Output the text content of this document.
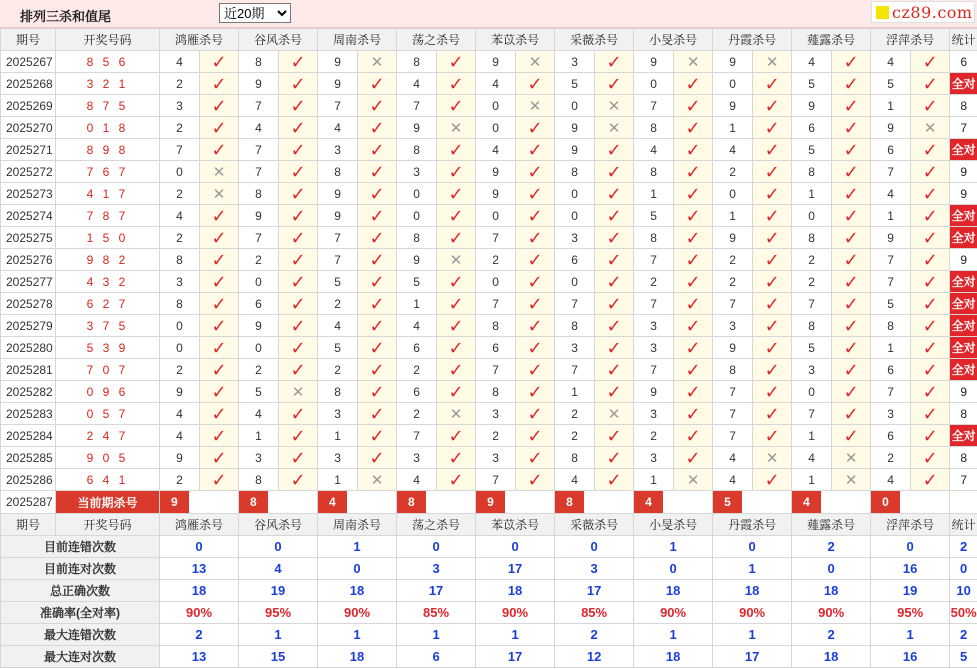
排列三杀和值尾
近20期	cz89.com
期号	开奖号码	鸿雁杀号		谷风杀号		周南杀号		荡之杀号		苯苡杀号		采薇杀号		小旻杀号		丹霞杀号		薤露杀号		浮萍杀号		统计
2025267	8 5 6	4	✓	8	✓	9	✕	8	✓	9	✕	3	✓	9	✕	9	✕	4	✓	4	✓	6
2025268	3 2 1	2	✓	9	✓	9	✓	4	✓	4	✓	5	✓	0	✓	0	✓	5	✓	5	✓	全对
2025269	8 7 5	3	✓	7	✓	7	✓	7	✓	0	✕	0	✕	7	✓	9	✓	9	✓	1	✓	8
2025270	0 1 8	2	✓	4	✓	4	✓	9	✕	0	✓	9	✕	8	✓	1	✓	6	✓	9	✕	7
2025271	8 9 8	7	✓	7	✓	3	✓	8	✓	4	✓	9	✓	4	✓	4	✓	5	✓	6	✓	全对
2025272	7 6 7	0	✕	7	✓	8	✓	3	✓	9	✓	8	✓	8	✓	2	✓	8	✓	7	✓	9
2025273	4 1 7	2	✕	8	✓	9	✓	0	✓	9	✓	0	✓	1	✓	0	✓	1	✓	4	✓	9
2025274	7 8 7	4	✓	9	✓	9	✓	0	✓	0	✓	0	✓	5	✓	1	✓	0	✓	1	✓	全对
2025275	1 5 0	2	✓	7	✓	7	✓	8	✓	7	✓	3	✓	8	✓	9	✓	8	✓	9	✓	全对
2025276	9 8 2	8	✓	2	✓	7	✓	9	✕	2	✓	6	✓	7	✓	2	✓	2	✓	7	✓	9
2025277	4 3 2	3	✓	0	✓	5	✓	5	✓	0	✓	0	✓	2	✓	2	✓	2	✓	7	✓	全对
2025278	6 2 7	8	✓	6	✓	2	✓	1	✓	7	✓	7	✓	7	✓	7	✓	7	✓	5	✓	全对
2025279	3 7 5	0	✓	9	✓	4	✓	4	✓	8	✓	8	✓	3	✓	3	✓	8	✓	8	✓	全对
2025280	5 3 9	0	✓	0	✓	5	✓	6	✓	6	✓	3	✓	3	✓	9	✓	5	✓	1	✓	全对
2025281	7 0 7	2	✓	2	✓	2	✓	2	✓	7	✓	7	✓	7	✓	8	✓	3	✓	6	✓	全对
2025282	0 9 6	9	✓	5	✕	8	✓	6	✓	8	✓	1	✓	9	✓	7	✓	0	✓	7	✓	9
2025283	0 5 7	4	✓	4	✓	3	✓	2	✕	3	✓	2	✕	3	✓	7	✓	7	✓	3	✓	8
2025284	2 4 7	4	✓	1	✓	1	✓	7	✓	2	✓	2	✓	2	✓	7	✓	1	✓	6	✓	全对
2025285	9 0 5	9	✓	3	✓	3	✓	3	✓	3	✓	8	✓	3	✓	4	✕	4	✕	2	✓	8
2025286	6 4 1	2	✓	8	✓	1	✕	4	✓	7	✓	4	✓	1	✕	4	✓	1	✕	4	✓	7
2025287	当前期杀号	9		8		4		8		9		8		4		5		4		0		
期号	开奖号码	鸿雁杀号		谷风杀号		周南杀号		荡之杀号		苯苡杀号		采薇杀号		小旻杀号		丹霞杀号		薤露杀号		浮萍杀号		统计
目前连错次数		0		0		1		0		0		0		1		0		2		0		2
目前连对次数		13		4		0		3		17		3		0		1		0		16		0
总正确次数		18		19		18		17		18		17		18		18		18		19		10
准确率(全对率)		90%		95%		90%		85%		90%		85%		90%		90%		90%		95%		50%
最大连错次数		2		1		1		1		1		2		1		1		2		1		2
最大连对次数		13		15		18		6		17		12		18		17		18		16		5
